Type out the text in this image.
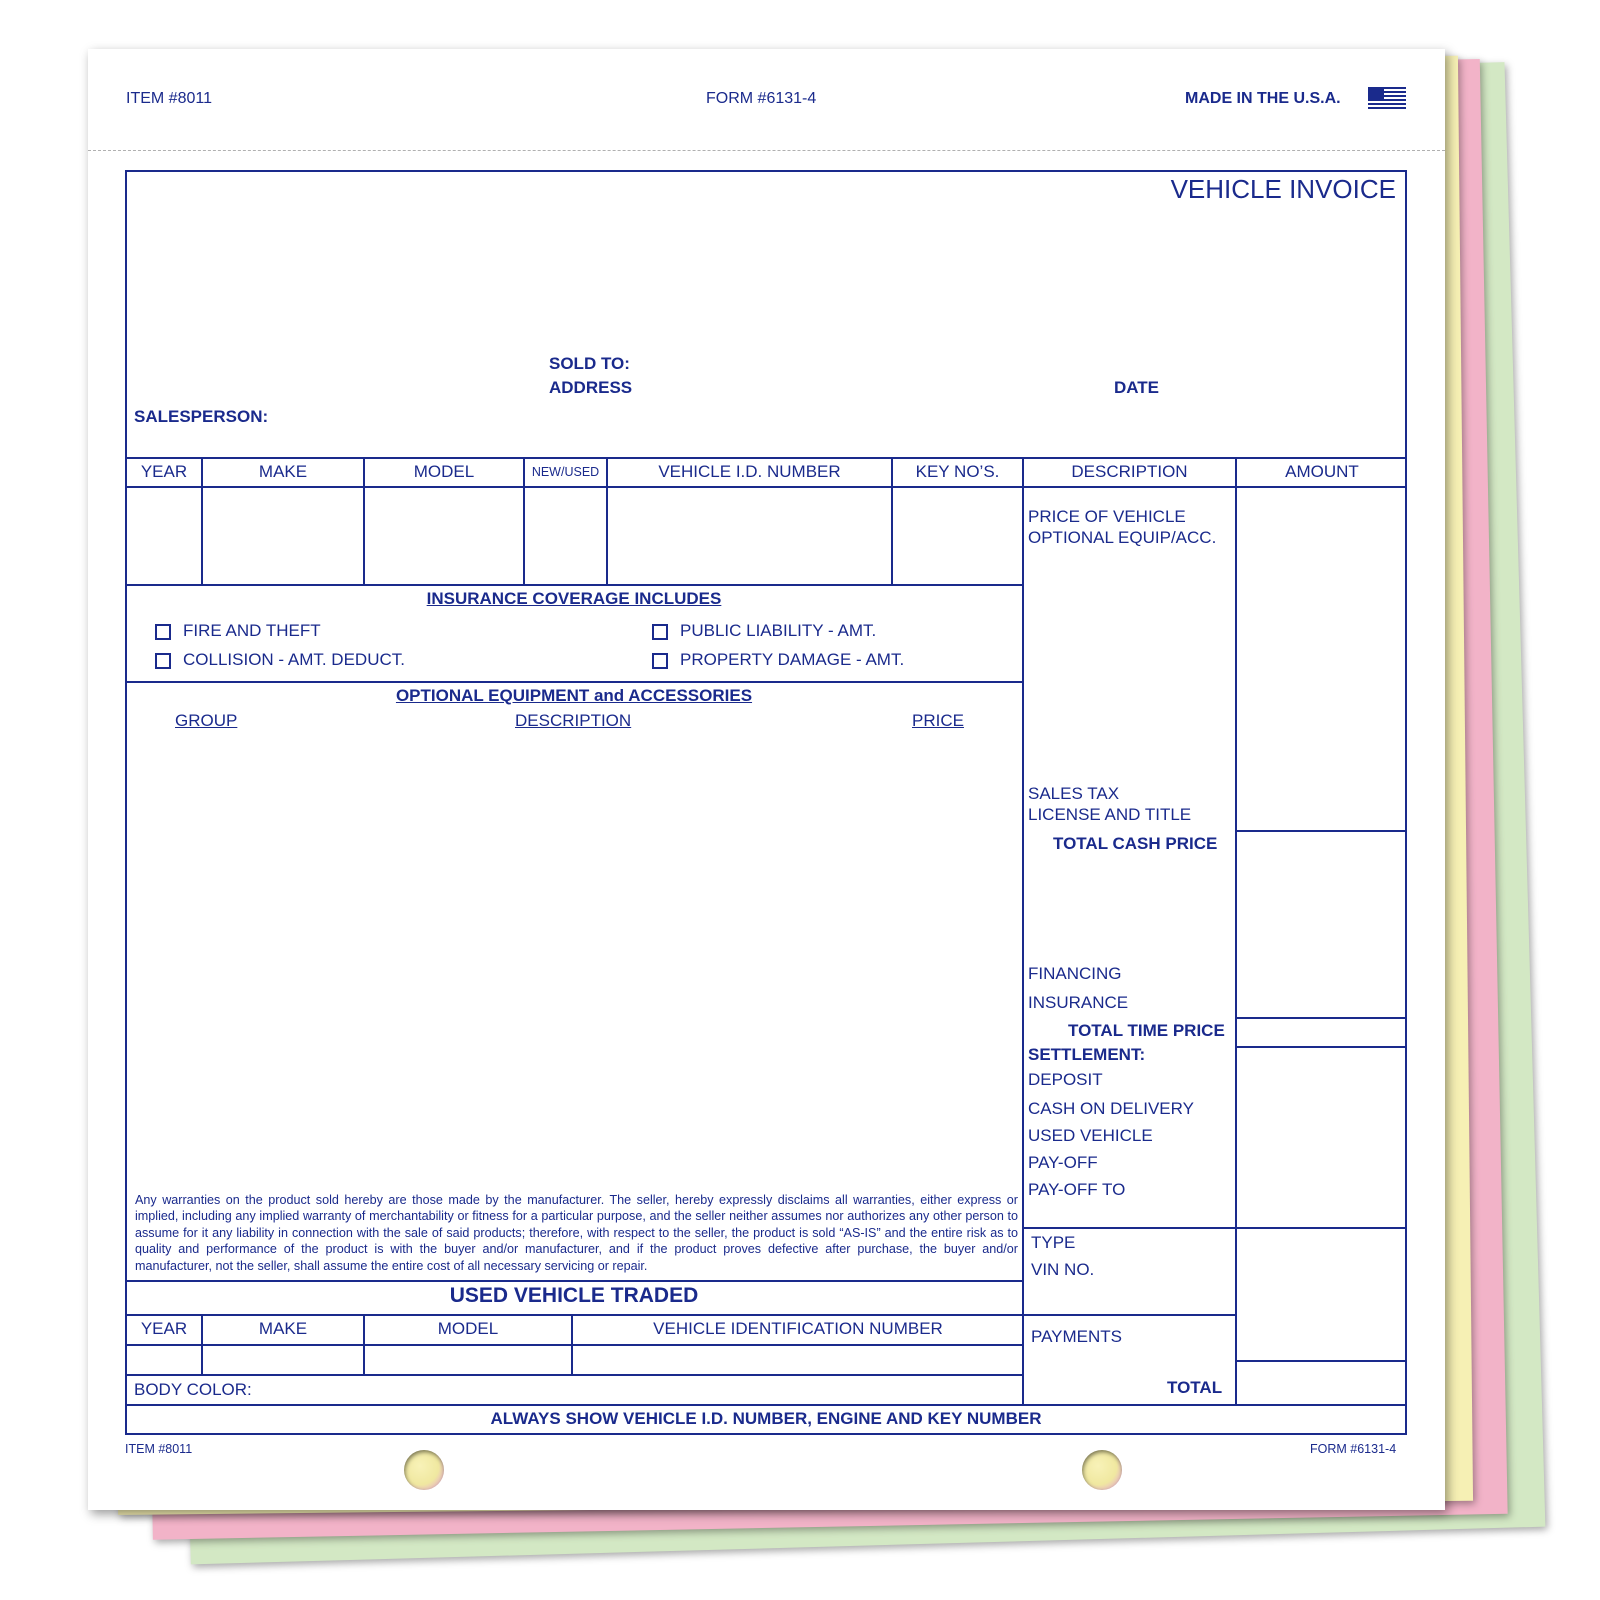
ITEM #8011	FORM #6131-4	MADE IN THE U.S.A.
VEHICLE INVOICE
SOLD TO:
ADDRESS	DATE
SALESPERSON:
YEAR	MAKE	MODEL	NEW/USED	VEHICLE I.D. NUMBER	KEY NO’S.	DESCRIPTION	AMOUNT
INSURANCE COVERAGE INCLUDES
FIRE AND THEFT
COLLISION - AMT. DEDUCT.
PUBLIC LIABILITY - AMT.
PROPERTY DAMAGE - AMT.
OPTIONAL EQUIPMENT and ACCESSORIES
GROUP	DESCRIPTION	PRICE
PRICE OF VEHICLE
OPTIONAL EQUIP/ACC.
SALES TAX
LICENSE AND TITLE
TOTAL CASH PRICE
FINANCING
INSURANCE
TOTAL TIME PRICE
SETTLEMENT:
DEPOSIT
CASH ON DELIVERY
USED VEHICLE
PAY-OFF
PAY-OFF TO
TYPE
VIN NO.
PAYMENTS
TOTAL
Any warranties on the product sold hereby are those made by the manufacturer. The seller, hereby expressly disclaims all warranties, either express or implied, including any implied warranty of merchantability or fitness for a particular purpose, and the seller neither assumes nor authorizes any other person to assume for it any liability in connection with the sale of said products; therefore, with respect to the seller, the product is sold “AS-IS” and the entire risk as to quality and performance of the product is with the buyer and/or manufacturer, and if the product proves defective after purchase, the buyer and/or manufacturer, not the seller, shall assume the entire cost of all necessary servicing or repair.
USED VEHICLE TRADED
YEAR	MAKE	MODEL	VEHICLE IDENTIFICATION NUMBER
BODY COLOR:
ALWAYS SHOW VEHICLE I.D. NUMBER, ENGINE AND KEY NUMBER
ITEM #8011	FORM #6131-4
